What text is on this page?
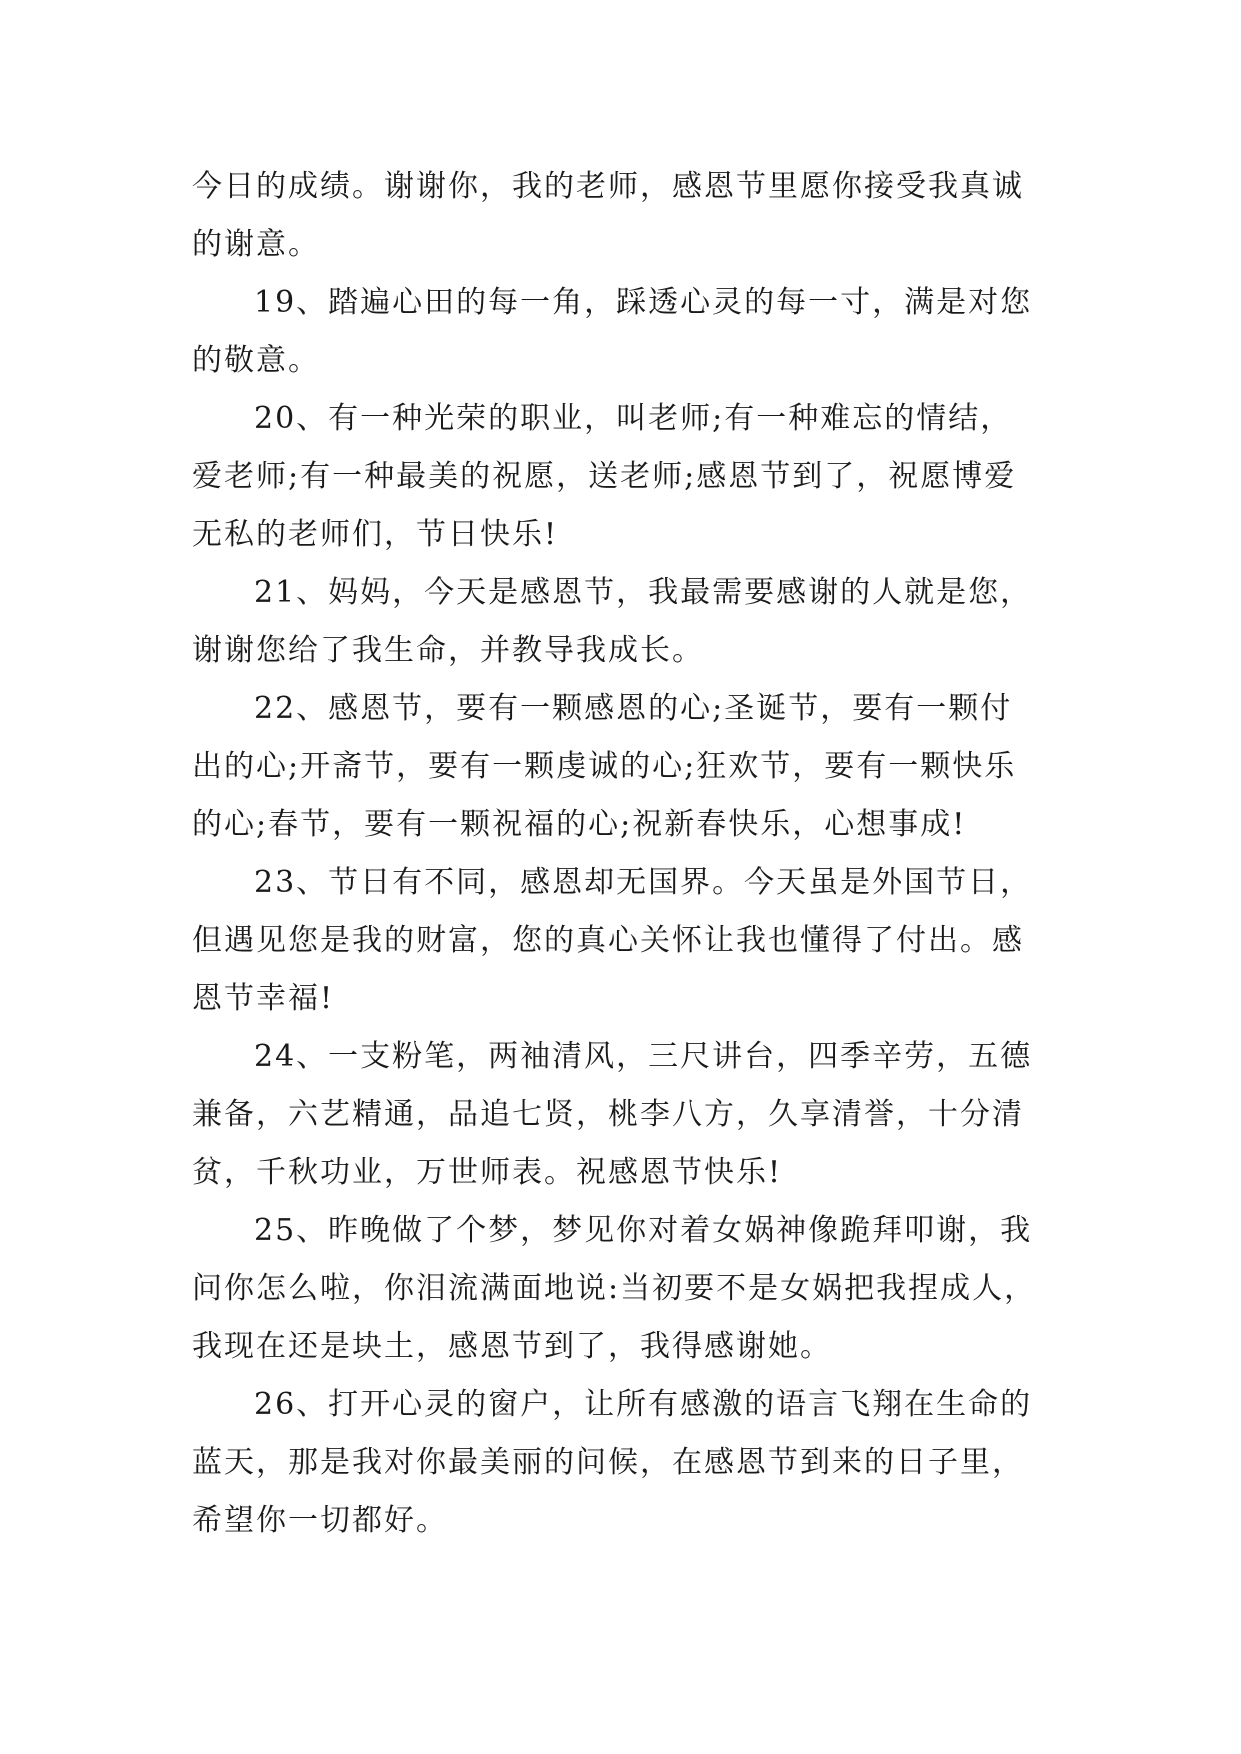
今日的成绩。谢谢你，我的老师，感恩节里愿你接受我真诚
的谢意。
19、踏遍心田的每一角，踩透心灵的每一寸，满是对您
的敬意。
20、有一种光荣的职业，叫老师;有一种难忘的情结，
爱老师;有一种最美的祝愿，送老师;感恩节到了，祝愿博爱
无私的老师们，节日快乐!
21、妈妈，今天是感恩节，我最需要感谢的人就是您，
谢谢您给了我生命，并教导我成长。
22、感恩节，要有一颗感恩的心;圣诞节，要有一颗付
出的心;开斋节，要有一颗虔诚的心;狂欢节，要有一颗快乐
的心;春节，要有一颗祝福的心;祝新春快乐，心想事成!
23、节日有不同，感恩却无国界。今天虽是外国节日，
但遇见您是我的财富，您的真心关怀让我也懂得了付出。感
恩节幸福!
24、一支粉笔，两袖清风，三尺讲台，四季辛劳，五德
兼备，六艺精通，品追七贤，桃李八方，久享清誉，十分清
贫，千秋功业，万世师表。祝感恩节快乐!
25、昨晚做了个梦，梦见你对着女娲神像跪拜叩谢，我
问你怎么啦，你泪流满面地说:当初要不是女娲把我捏成人，
我现在还是块土，感恩节到了，我得感谢她。
26、打开心灵的窗户，让所有感激的语言飞翔在生命的
蓝天，那是我对你最美丽的问候，在感恩节到来的日子里，
希望你一切都好。
